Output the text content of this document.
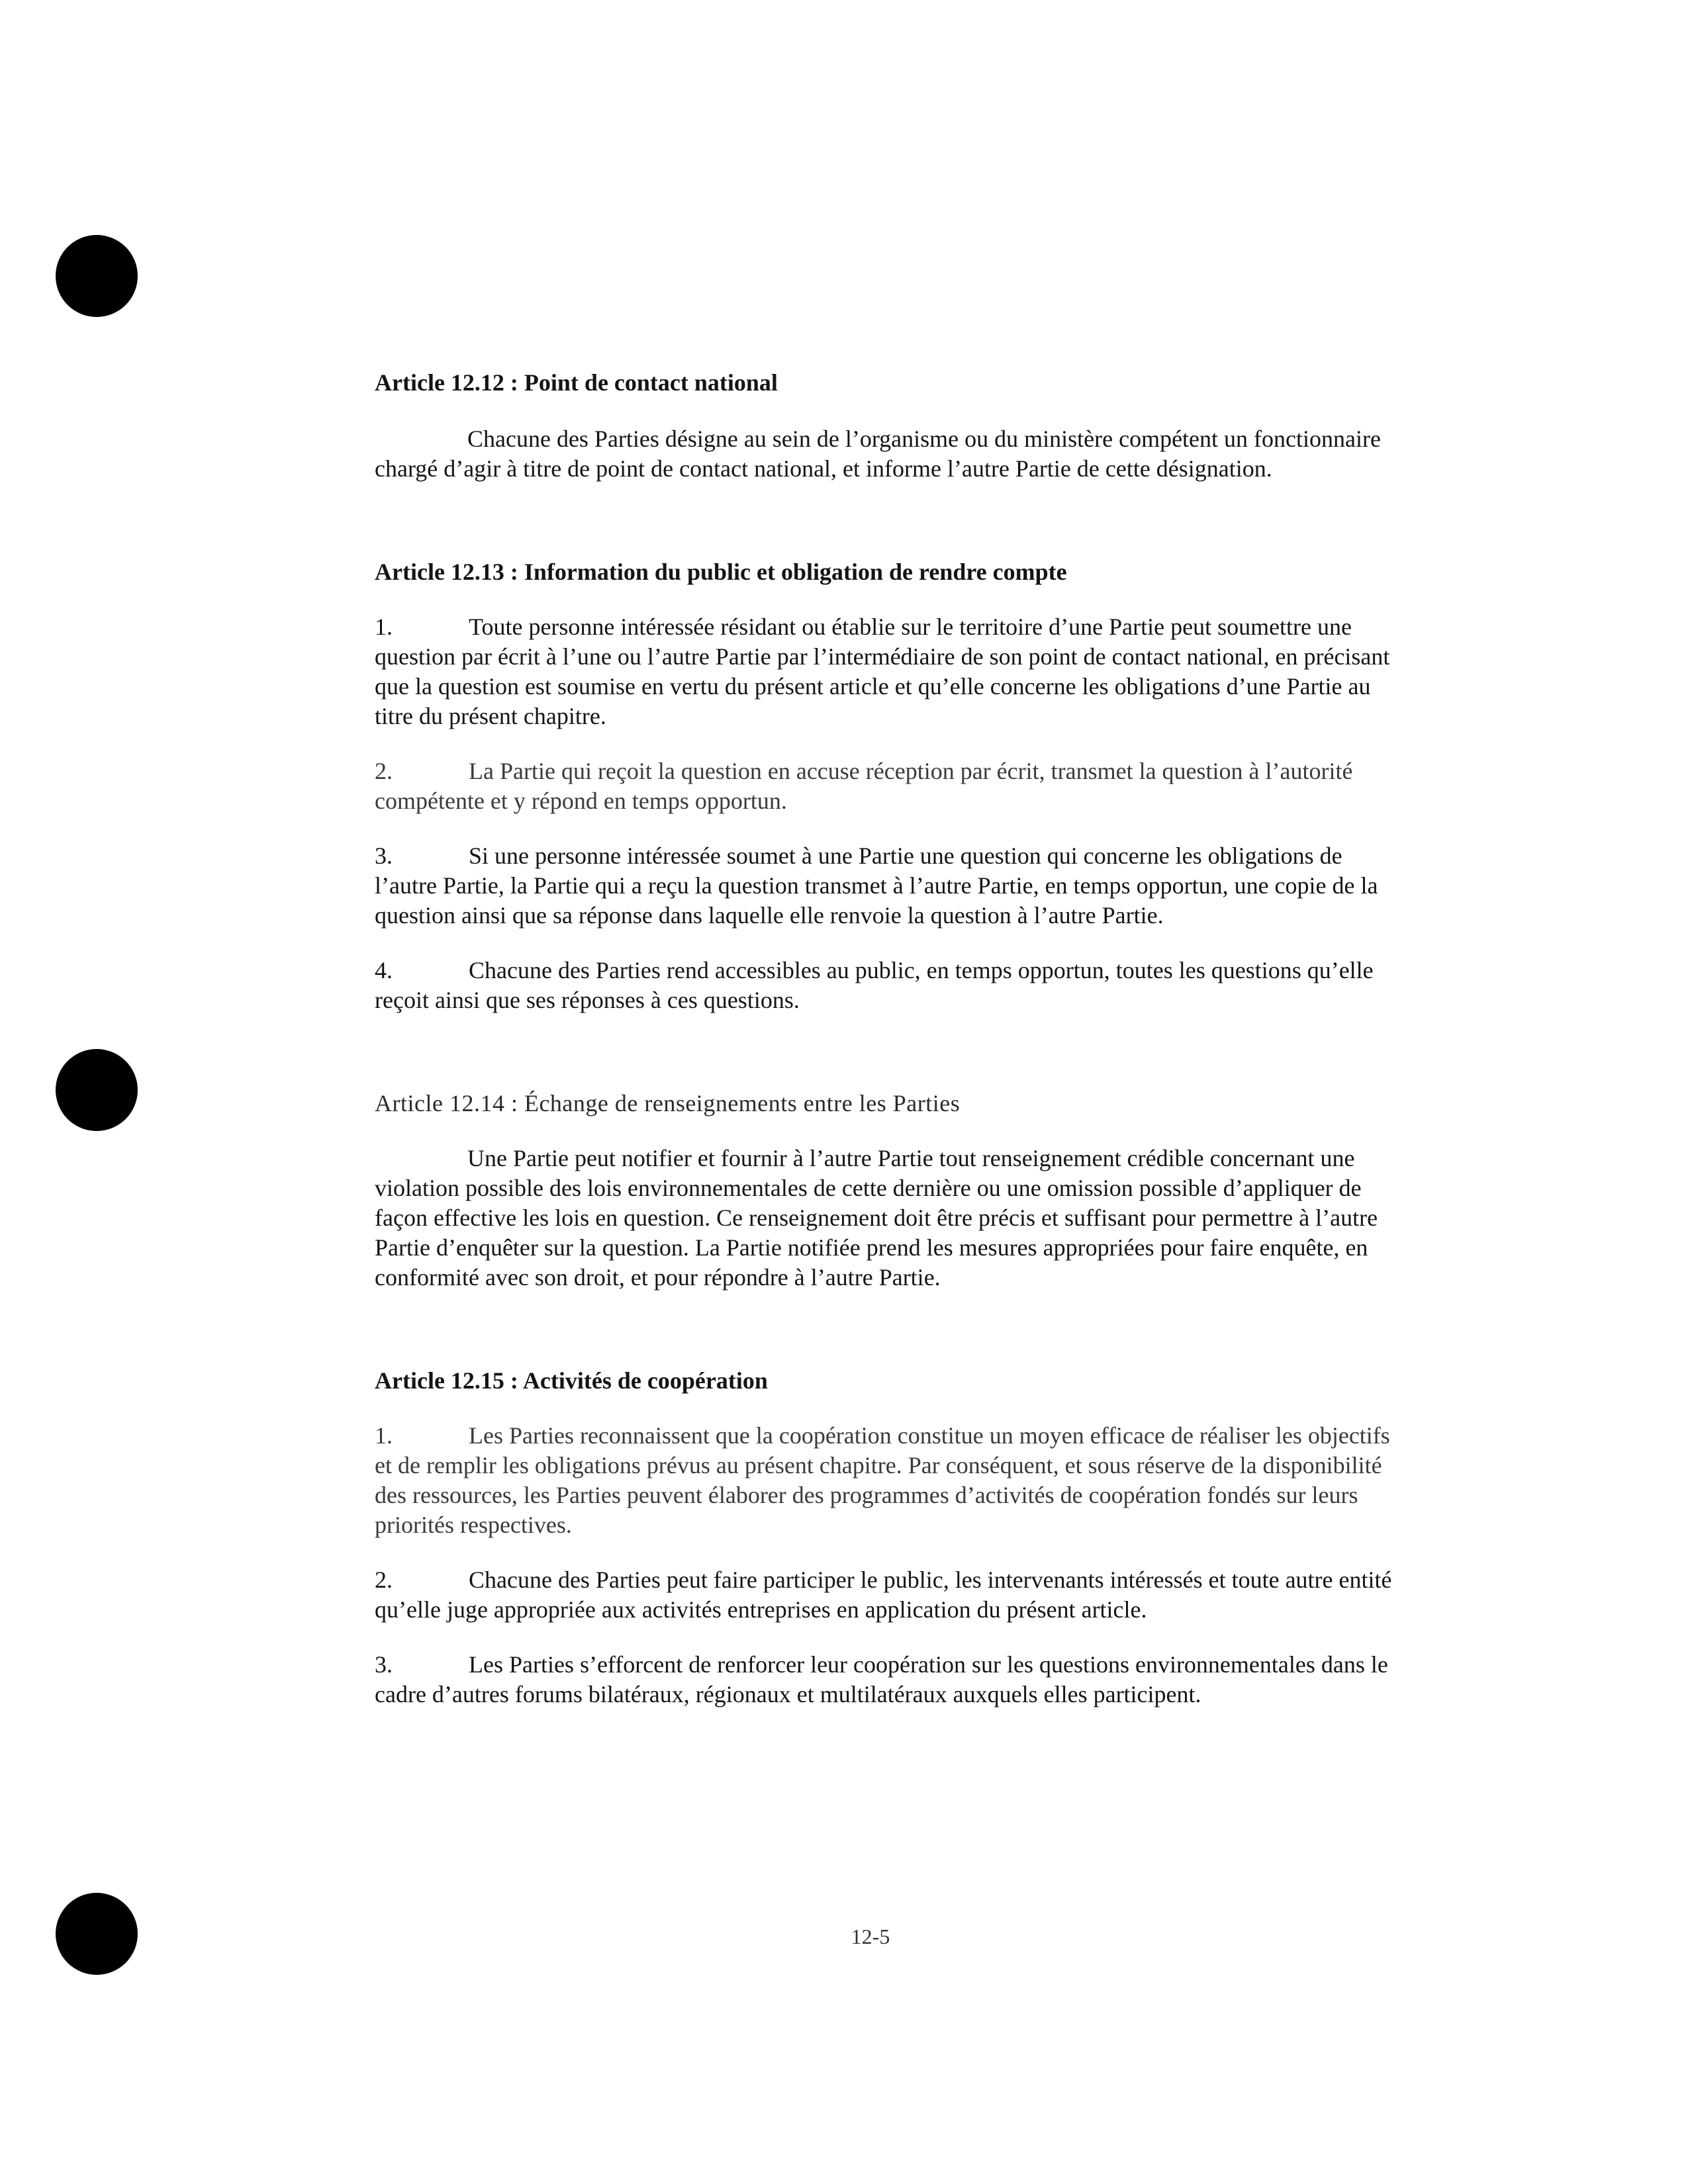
Article 12.12 : Point de contact national

Chacune des Parties désigne au sein de l’organisme ou du ministère compétent un fonctionnaire chargé d’agir à titre de point de contact national, et informe l’autre Partie de cette désignation.

Article 12.13 : Information du public et obligation de rendre compte

1.	Toute personne intéressée résidant ou établie sur le territoire d’une Partie peut soumettre une question par écrit à l’une ou l’autre Partie par l’intermédiaire de son point de contact national, en précisant que la question est soumise en vertu du présent article et qu’elle concerne les obligations d’une Partie au titre du présent chapitre.

2.	La Partie qui reçoit la question en accuse réception par écrit, transmet la question à l’autorité compétente et y répond en temps opportun.

3.	Si une personne intéressée soumet à une Partie une question qui concerne les obligations de l’autre Partie, la Partie qui a reçu la question transmet à l’autre Partie, en temps opportun, une copie de la question ainsi que sa réponse dans laquelle elle renvoie la question à l’autre Partie.

4.	Chacune des Parties rend accessibles au public, en temps opportun, toutes les questions qu’elle reçoit ainsi que ses réponses à ces questions.

Article 12.14 : Échange de renseignements entre les Parties

Une Partie peut notifier et fournir à l’autre Partie tout renseignement crédible concernant une violation possible des lois environnementales de cette dernière ou une omission possible d’appliquer de façon effective les lois en question. Ce renseignement doit être précis et suffisant pour permettre à l’autre Partie d’enquêter sur la question. La Partie notifiée prend les mesures appropriées pour faire enquête, en conformité avec son droit, et pour répondre à l’autre Partie.

Article 12.15 : Activités de coopération

1.	Les Parties reconnaissent que la coopération constitue un moyen efficace de réaliser les objectifs et de remplir les obligations prévus au présent chapitre. Par conséquent, et sous réserve de la disponibilité des ressources, les Parties peuvent élaborer des programmes d’activités de coopération fondés sur leurs priorités respectives.

2.	Chacune des Parties peut faire participer le public, les intervenants intéressés et toute autre entité qu’elle juge appropriée aux activités entreprises en application du présent article.

3.	Les Parties s’efforcent de renforcer leur coopération sur les questions environnementales dans le cadre d’autres forums bilatéraux, régionaux et multilatéraux auxquels elles participent.

12-5
